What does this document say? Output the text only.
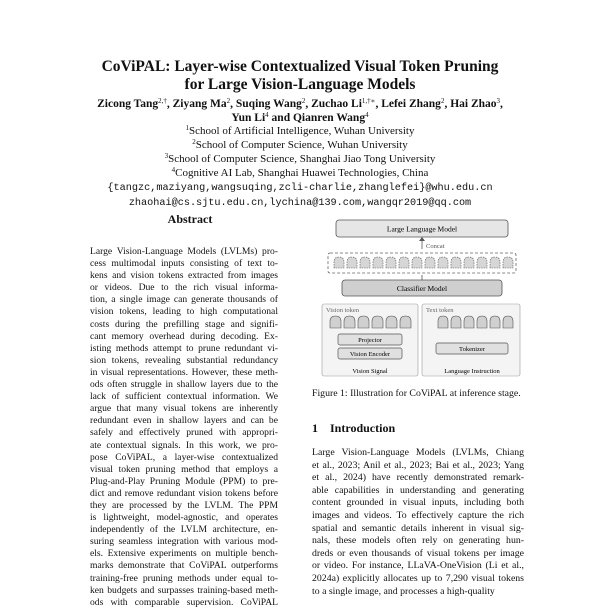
CoViPAL: Layer-wise Contextualized Visual Token Pruning
for Large Vision-Language Models
Zicong Tang$^{2,\dagger}$, Ziyang Ma$^2$, Suqing Wang$^2$, Zuchao $Li^{1,\dagger∗}$, Lefei Zhang$^2$, Hai Zhao$^3$,
Yun Li$^4$ and Qianren Wang$^4$
$^1$School of Artificial Intelligence, Wuhan University
$^2$School of Computer Science, Wuhan University
$^3$School of Computer Science, Shanghai Jiao Tong University
$^4$Cognitive AI Lab, Shanghai Huawei Technologies, China
{tangzc,maziyang,wangsuqing,zcli-charlie,zhanglefei}@whu.edu.cn
zhaohai@cs.sjtu.edu.cn,lychina@139.com,wangqr2019@qq.com
Abstract
Large Vision-Language Models (LVLMs) pro-
cess multimodal inputs consisting of text to-
kens and vision tokens extracted from images
or videos. Due to the rich visual informa-
tion, a single image can generate thousands of
vision tokens, leading to high computational
costs during the prefilling stage and signifi-
cant memory overhead during decoding. Ex-
isting methods attempt to prune redundant vi-
sion tokens, revealing substantial redundancy
in visual representations. However, these meth-
ods often struggle in shallow layers due to the
lack of sufficient contextual information. We
argue that many visual tokens are inherently
redundant even in shallow layers and can be
safely and effectively pruned with appropri-
ate contextual signals. In this work, we pro-
pose CoViPAL, a layer-wise contextualized
visual token pruning method that employs a
Plug-and-Play Pruning Module (PPM) to pre-
dict and remove redundant vision tokens before
they are processed by the LVLM. The PPM
is lightweight, model-agnostic, and operates
independently of the LVLM architecture, en-
suring seamless integration with various mod-
els. Extensive experiments on multiple bench-
marks demonstrate that CoViPAL outperforms
training-free pruning methods under equal to-
ken budgets and surpasses training-based meth-
ods with comparable supervision. CoViPAL
Large Language Model
Concat
Classifier Model
Vision token
Projector
Vision Encoder
Vision Signal
Text token
Tokenizer
Language Instruction
Figure 1: Illustration for CoViPAL at inference stage.
1 Introduction
Large Vision-Language Models (LVLMs, Chiang
et al., 2023; Anil et al., 2023; Bai et al., 2023; Yang
et al., 2024) have recently demonstrated remark-
able capabilities in understanding and generating
content grounded in visual inputs, including both
images and videos. To effectively capture the rich
spatial and semantic details inherent in visual sig-
nals, these models often rely on generating hun-
dreds or even thousands of visual tokens per image
or video. For instance, LLaVA-OneVision (Li et al.,
2024a) explicitly allocates up to 7,290 visual tokens
to a single image, and processes a high-quality
